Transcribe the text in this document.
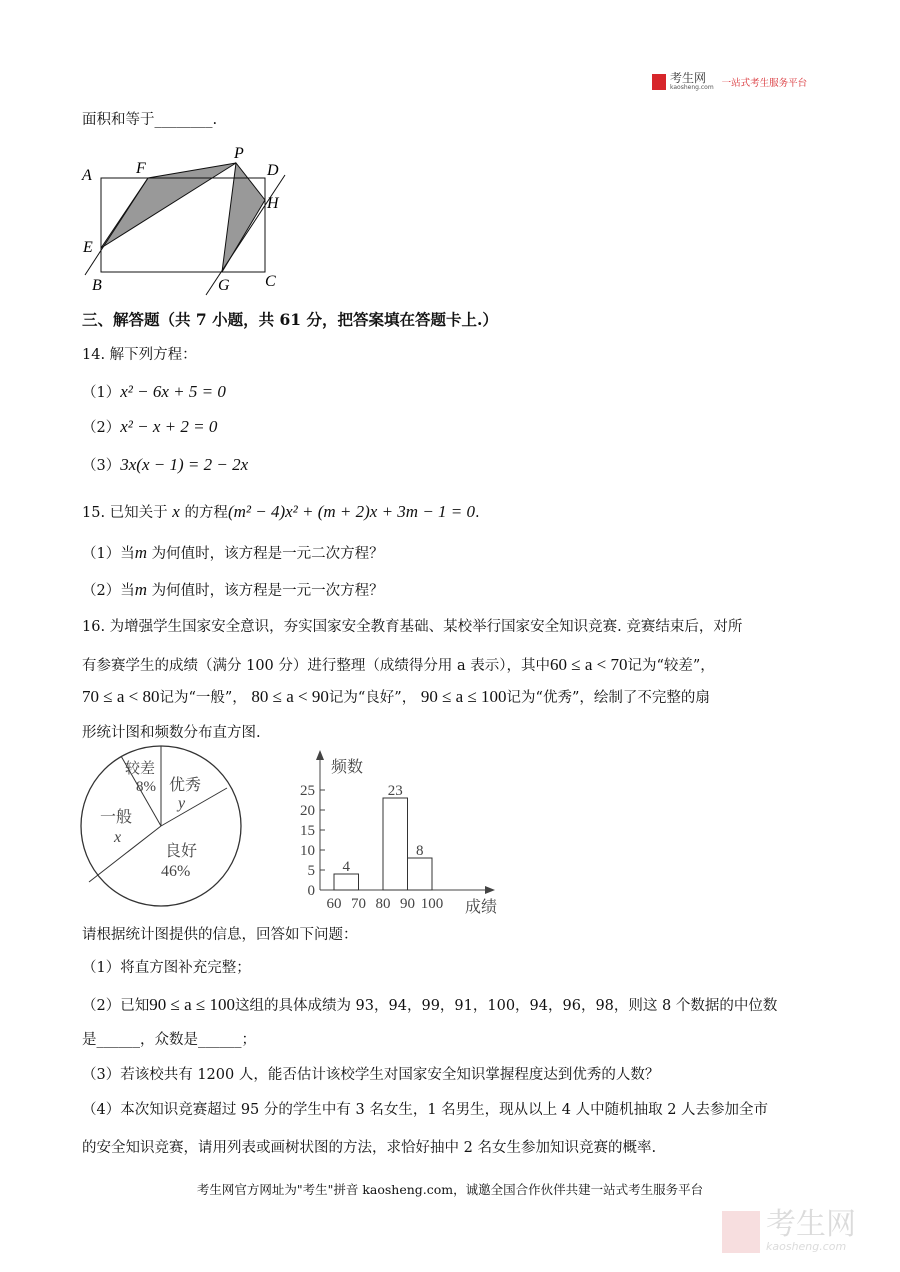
考生网
kaosheng.com 一站式考生服务平台
面积和等于________.
A
B	C
D
E
F
G
H
P
三、解答题（共 7 小题，共 61 分，把答案填在答题卡上.）
14. 解下列方程：
（1）x² − 6x + 5 = 0
（2）x² − x + 2 = 0
（3）3x(x − 1) = 2 − 2x
15. 已知关于 x 的方程(m² − 4)x² + (m + 2)x + 3m − 1 = 0.
（1）当m 为何值时，该方程是一元二次方程？
（2）当m 为何值时，该方程是一元一次方程？
16. 为增强学生国家安全意识，夯实国家安全教育基础、某校举行国家安全知识竞赛. 竞赛结束后，对所
有参赛学生的成绩（满分 100 分）进行整理（成绩得分用 a 表示），其中60 ≤ a < 70记为“较差”，
70 ≤ a < 80记为“一般”， 80 ≤ a < 90记为“良好”， 90 ≤ a ≤ 100记为“优秀”，绘制了不完整的扇
形统计图和频数分布直方图.
较差
8% 优秀
y
良好
46%
一般
x
频数
成绩
0
5
10
15
20
25
60 70 80 90 100
4
23
8
请根据统计图提供的信息，回答如下问题：
（1）将直方图补充完整；
（2）已知90 ≤ a ≤ 100这组的具体成绩为 93，94，99，91，100，94，96，98，则这 8 个数据的中位数
是______，众数是______；
（3）若该校共有 1200 人，能否估计该校学生对国家安全知识掌握程度达到优秀的人数？
（4）本次知识竞赛超过 95 分的学生中有 3 名女生，1 名男生，现从以上 4 人中随机抽取 2 人去参加全市
的安全知识竞赛，请用列表或画树状图的方法，求恰好抽中 2 名女生参加知识竞赛的概率.
考生网官方网址为"考生"拼音 kaosheng.com，诚邀全国合作伙伴共建一站式考生服务平台
考生网
kaosheng.com
